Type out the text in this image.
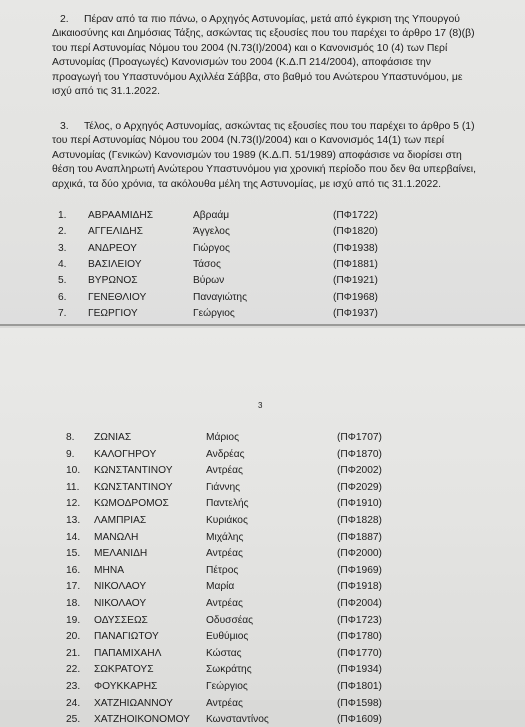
2. Πέραν από τα πιο πάνω, ο Αρχηγός Αστυνομίας, μετά από έγκριση της Υπουργού
Δικαιοσύνης και Δημόσιας Τάξης, ασκώντας τις εξουσίες που του παρέχει το άρθρο 17 (8)(β)
του περί Αστυνομίας Νόμου του 2004 (Ν.73(Ι)/2004) και ο Κανονισμός 10 (4) των Περί
Αστυνομίας (Προαγωγές) Κανονισμών του 2004 (Κ.Δ.Π 214/2004), αποφάσισε την
προαγωγή του Υπαστυνόμου Αχιλλέα Σάββα, στο βαθμό του Ανώτερου Υπαστυνόμου, με
ισχύ από τις 31.1.2022.
3. Τέλος, ο Αρχηγός Αστυνομίας, ασκώντας τις εξουσίες που του παρέχει το άρθρο 5 (1)
του περί Αστυνομίας Νόμου του 2004 (Ν.73(Ι)/2004) και ο Κανονισμός 14(1) των περί
Αστυνομίας (Γενικών) Κανονισμών του 1989 (Κ.Δ.Π. 51/1989) αποφάσισε να διορίσει στη
θέση του Αναπληρωτή Ανώτερου Υπαστυνόμου για χρονική περίοδο που δεν θα υπερβαίνει,
αρχικά, τα δύο χρόνια, τα ακόλουθα μέλη της Αστυνομίας, με ισχύ από τις 31.1.2022.
1. ΑΒΡΑΑΜΙΔΗΣ	Αβραάμ	(ΠΦ1722)
2. ΑΓΓΕΛΙΔΗΣ	Άγγελος	(ΠΦ1820)
3. ΑΝΔΡΕΟΥ	Γιώργος	(ΠΦ1938)
4. ΒΑΣΙΛΕΙΟΥ	Τάσος	(ΠΦ1881)
5. ΒΥΡΩΝΟΣ	Βύρων	(ΠΦ1921)
6. ΓΕΝΕΘΛΙΟΥ	Παναγιώτης	(ΠΦ1968)
7. ΓΕΩΡΓΙΟΥ	Γεώργιος	(ΠΦ1937)
3
8. ΖΩΝΙΑΣ	Μάριος	(ΠΦ1707)
9. ΚΑΛΟΓΗΡΟΥ	Ανδρέας	(ΠΦ1870)
10. ΚΩΝΣΤΑΝΤΙΝΟΥ	Αντρέας	(ΠΦ2002)
11. ΚΩΝΣΤΑΝΤΙΝΟΥ	Γιάννης	(ΠΦ2029)
12. ΚΩΜΟΔΡΟΜΟΣ	Παντελής	(ΠΦ1910)
13. ΛΑΜΠΡΙΑΣ	Κυριάκος	(ΠΦ1828)
14. ΜΑΝΩΛΗ	Μιχάλης	(ΠΦ1887)
15. ΜΕΛΑΝΙΔΗ	Αντρέας	(ΠΦ2000)
16. ΜΗΝΑ	Πέτρος	(ΠΦ1969)
17. ΝΙΚΟΛΑΟΥ	Μαρία	(ΠΦ1918)
18. ΝΙΚΟΛΑΟΥ	Αντρέας	(ΠΦ2004)
19. ΟΔΥΣΣΕΩΣ	Οδυσσέας	(ΠΦ1723)
20. ΠΑΝΑΓΙΩΤΟΥ	Ευθύμιος	(ΠΦ1780)
21. ΠΑΠΑΜΙΧΑΗΛ	Κώστας	(ΠΦ1770)
22. ΣΩΚΡΑΤΟΥΣ	Σωκράτης	(ΠΦ1934)
23. ΦΟΥΚΚΑΡΗΣ	Γεώργιος	(ΠΦ1801)
24. ΧΑΤΖΗΙΩΑΝΝΟΥ	Αντρέας	(ΠΦ1598)
25. ΧΑΤΖΗΟΙΚΟΝΟΜΟΥ Κωνσταντίνος	(ΠΦ1609)
